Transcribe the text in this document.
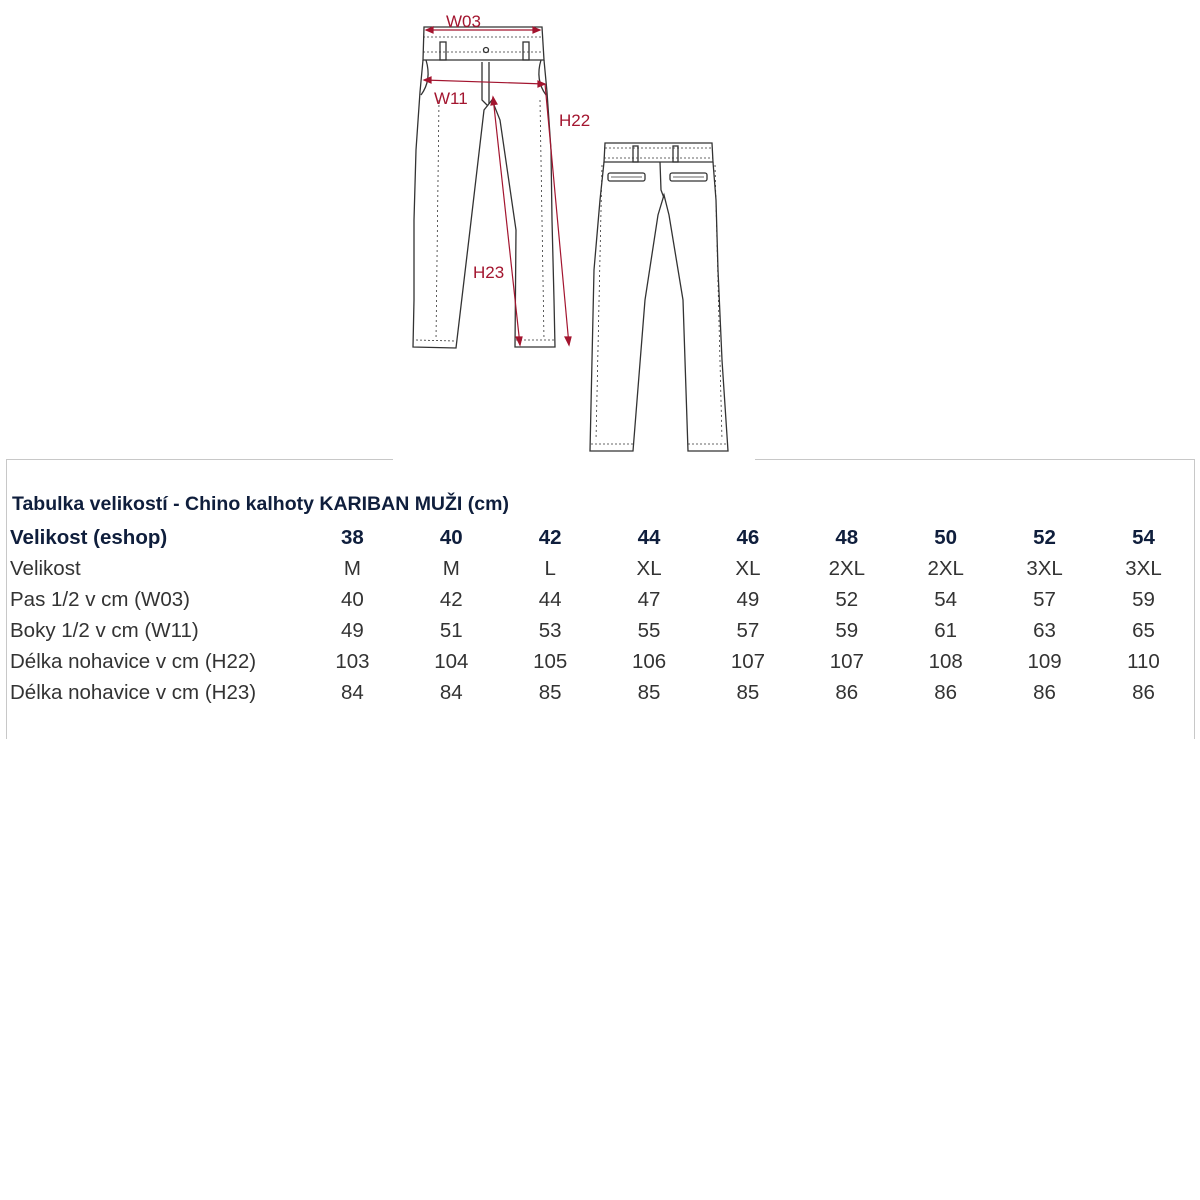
W03
W11
H22
H23
Tabulka velikostí - Chino kalhoty KARIBAN MUŽI (cm)
Velikost (eshop)	38	40	42	44	46	48	50	52	54
Velikost	M	M	L	XL	XL	2XL	2XL	3XL	3XL
Pas 1/2 v cm (W03)	40	42	44	47	49	52	54	57	59
Boky 1/2 v cm (W11)	49	51	53	55	57	59	61	63	65
Délka nohavice v cm (H22)	103	104	105	106	107	107	108	109	110
Délka nohavice v cm (H23)	84	84	85	85	85	86	86	86	86
